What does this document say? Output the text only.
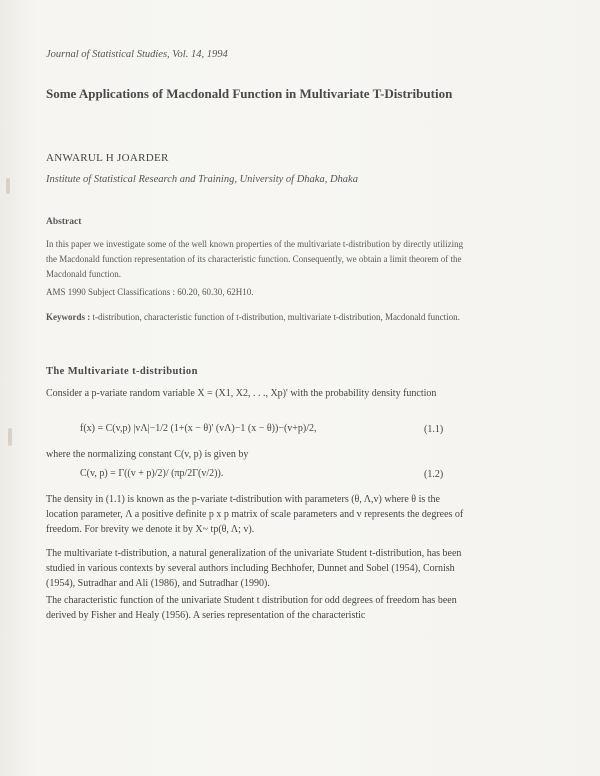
Journal of Statistical Studies, Vol. 14, 1994
Some Applications of Macdonald Function in Multivariate T-Distribution
ANWARUL H JOARDER
Institute of Statistical Research and Training, University of Dhaka, Dhaka
Abstract
In this paper we investigate some of the well known properties of the multivariate t-distribution by directly utilizing the Macdonald function representation of its characteristic function. Consequently, we obtain a limit theorem of the Macdonald function.
AMS 1990 Subject Classifications : 60.20, 60.30, 62H10.
Keywords : t-distribution, characteristic function of t-distribution, multivariate t-distribution, Macdonald function.
The Multivariate t-distribution
Consider a p-variate random variable X = (X1, X2, . . ., Xp)' with the probability density function
f(x) = C(v,p) |vΛ|−1/2 (1+(x − θ)' (vΛ)−1 (x − θ))−(v+p)/2,	(1.1)
where the normalizing constant C(v, p) is given by
C(v, p) = Γ((v + p)/2)/ (πp/2Γ(v/2)).	(1.2)
The density in (1.1) is known as the p-variate t-distribution with parameters (θ, Λ,v) where θ is the location parameter, Λ a positive definite p x p matrix of scale parameters and v represents the degrees of freedom. For brevity we denote it by X~ tp(θ, Λ; v).
The multivariate t-distribution, a natural generalization of the univariate Student t-distribution, has been studied in various contexts by several authors including Bechhofer, Dunnet and Sobel (1954), Cornish (1954), Sutradhar and Ali (1986), and Sutradhar (1990).
The characteristic function of the univariate Student t distribution for odd degrees of freedom has been derived by Fisher and Healy (1956). A series representation of the characteristic
